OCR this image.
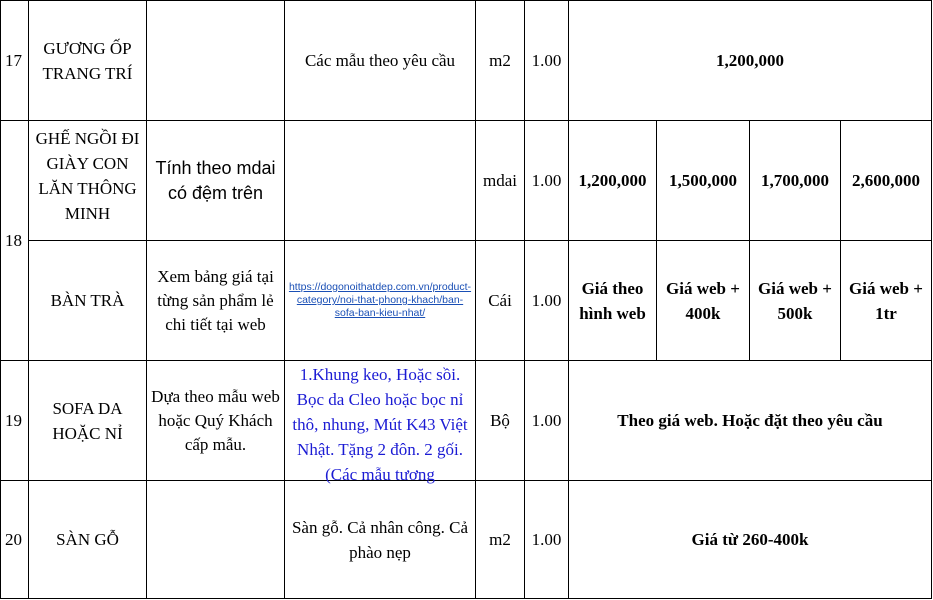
17	GƯƠNG ỐP TRANG TRÍ		Các mẫu theo yêu cầu	m2	1.00	1,200,000			
18	GHẾ NGỒI ĐI GIÀY CON LĂN THÔNG MINH	Tính theo mdai có đệm trên		mdai	1.00	1,200,000	1,500,000	1,700,000	2,600,000
	BÀN TRÀ	Xem bảng giá tại từng sản phẩm lẻ chi tiết tại web	https://dogonoithatdep.com.vn/product-category/noi-that-phong-khach/ban-sofa-ban-kieu-nhat/	Cái	1.00	Giá theo hình web	Giá web + 400k	Giá web + 500k	Giá web + 1tr
19	SOFA DA HOẶC NỈ	Dựa theo mẫu web hoặc Quý Khách cấp mẫu.	1.Khung keo, Hoặc sồi. Bọc da Cleo hoặc bọc nỉ thô, nhung, Mút K43 Việt Nhật. Tặng 2 đôn. 2 gối. (Các mẫu tương	Bộ	1.00	Theo giá web. Hoặc đặt theo yêu cầu			
20	SÀN GỖ		Sàn gỗ. Cả nhân công. Cả phào nẹp	m2	1.00	Giá từ 260-400k			
